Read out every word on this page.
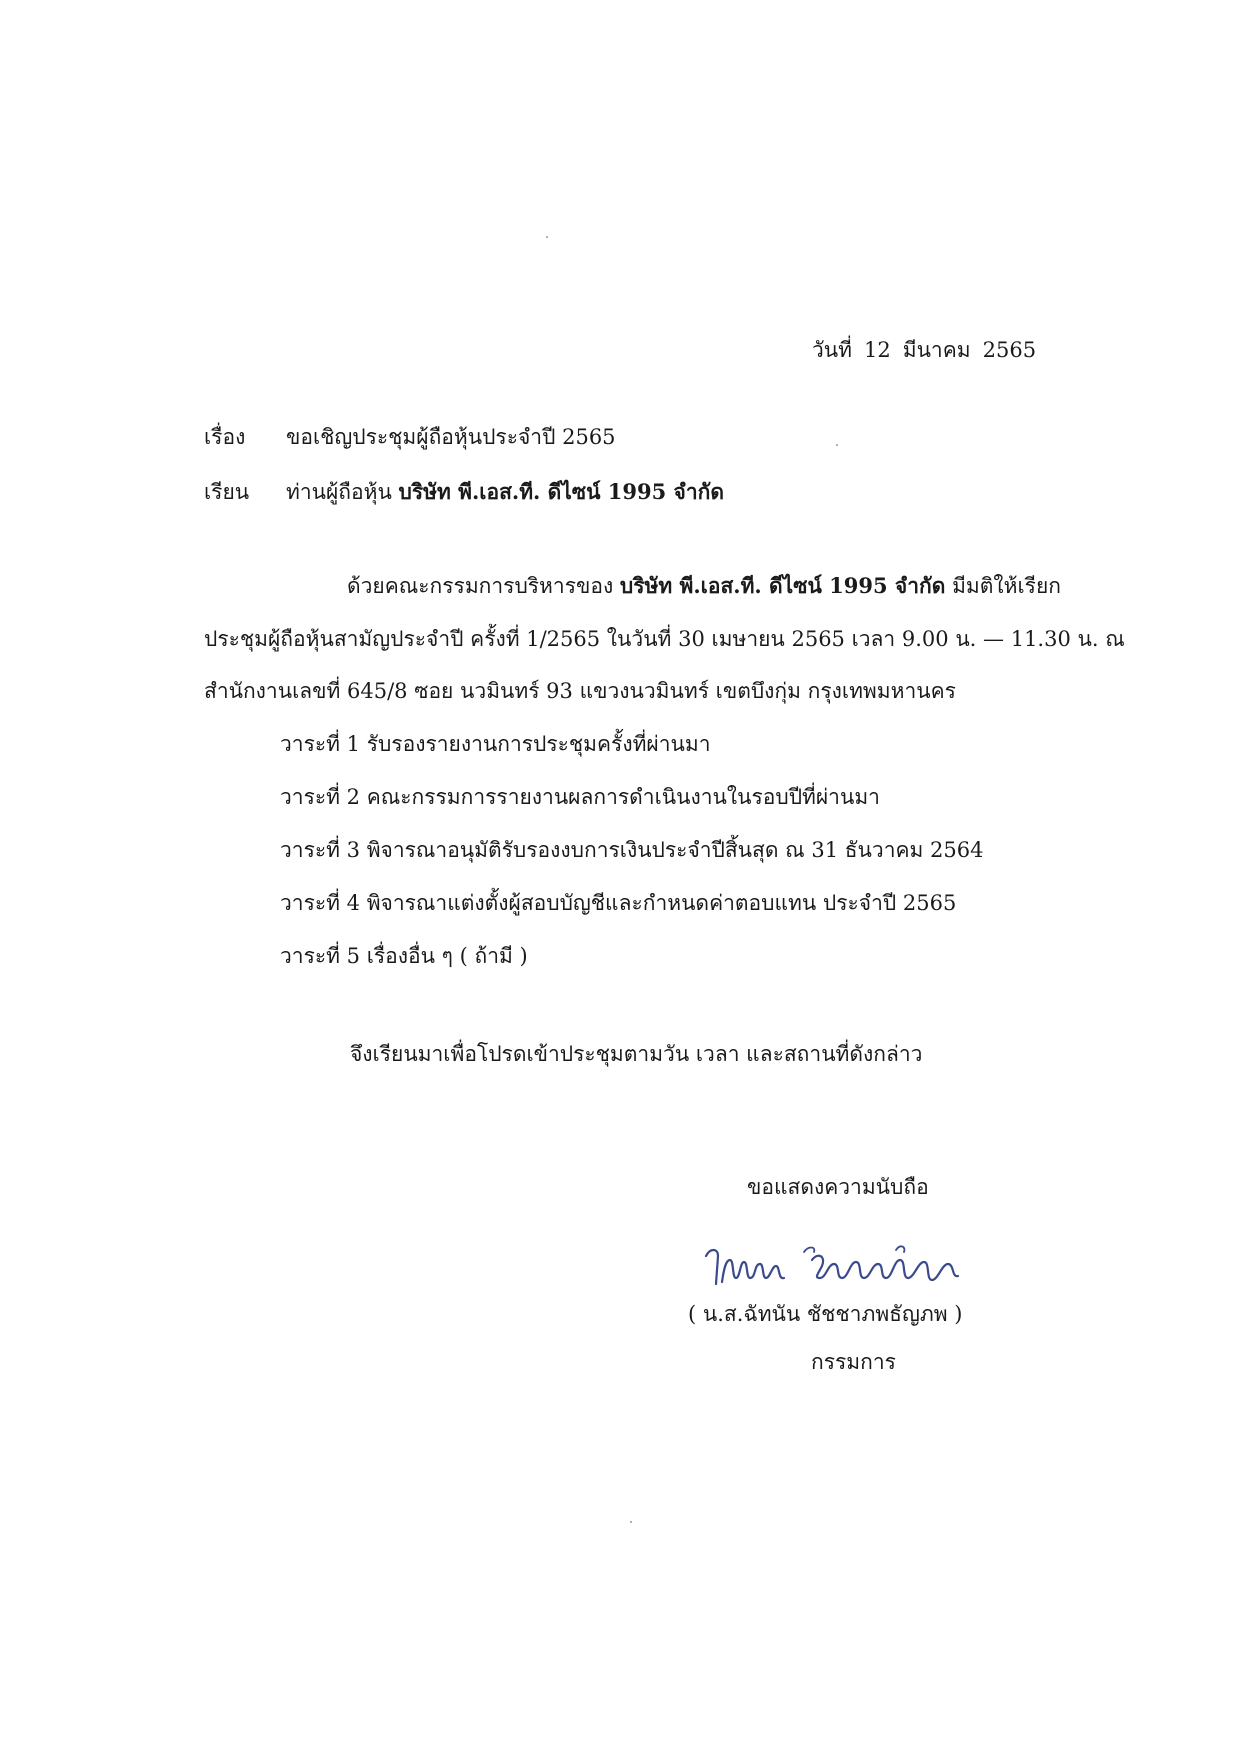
วันที่ 12 มีนาคม 2565
เรื่อง ขอเชิญประชุมผู้ถือหุ้นประจำปี 2565
เรียน ท่านผู้ถือหุ้น บริษัท พี.เอส.ที. ดีไซน์ 1995 จำกัด
ด้วยคณะกรรมการบริหารของ บริษัท พี.เอส.ที. ดีไซน์ 1995 จำกัด มีมติให้เรียก
ประชุมผู้ถือหุ้นสามัญประจำปี ครั้งที่ 1/2565 ในวันที่ 30 เมษายน 2565 เวลา 9.00 น. — 11.30 น. ณ
สำนักงานเลขที่ 645/8 ซอย นวมินทร์ 93 แขวงนวมินทร์ เขตบึงกุ่ม กรุงเทพมหานคร
วาระที่ 1 รับรองรายงานการประชุมครั้งที่ผ่านมา
วาระที่ 2 คณะกรรมการรายงานผลการดำเนินงานในรอบปีที่ผ่านมา
วาระที่ 3 พิจารณาอนุมัติรับรองงบการเงินประจำปีสิ้นสุด ณ 31 ธันวาคม 2564
วาระที่ 4 พิจารณาแต่งตั้งผู้สอบบัญชีและกำหนดค่าตอบแทน ประจำปี 2565
วาระที่ 5 เรื่องอื่น ๆ ( ถ้ามี )
จึงเรียนมาเพื่อโปรดเข้าประชุมตามวัน เวลา และสถานที่ดังกล่าว
ขอแสดงความนับถือ
( น.ส.ฉัทนัน ชัชชาภพธัญภพ )
กรรมการ
